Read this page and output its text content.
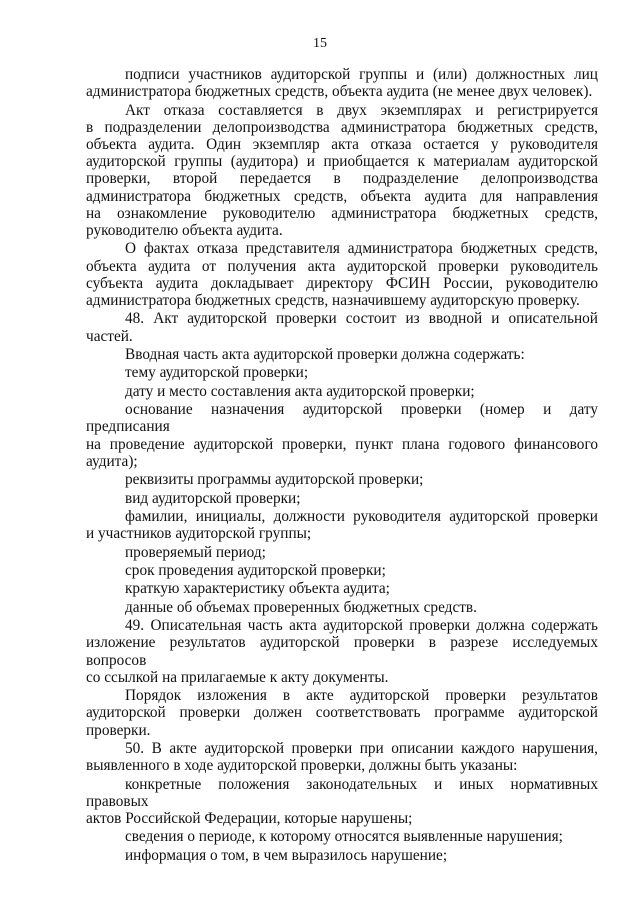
15
подписи участников аудиторской группы и (или) должностных лиц
администратора бюджетных средств, объекта аудита (не менее двух человек).
Акт отказа составляется в двух экземплярах и регистрируется
в подразделении делопроизводства администратора бюджетных средств,
объекта аудита. Один экземпляр акта отказа остается у руководителя
аудиторской группы (аудитора) и приобщается к материалам аудиторской
проверки, второй передается в подразделение делопроизводства
администратора бюджетных средств, объекта аудита для направления
на ознакомление руководителю администратора бюджетных средств,
руководителю объекта аудита.
О фактах отказа представителя администратора бюджетных средств,
объекта аудита от получения акта аудиторской проверки руководитель
субъекта аудита докладывает директору ФСИН России, руководителю
администратора бюджетных средств, назначившему аудиторскую проверку.
48. Акт аудиторской проверки состоит из вводной и описательной
частей.
Вводная часть акта аудиторской проверки должна содержать:
тему аудиторской проверки;
дату и место составления акта аудиторской проверки;
основание назначения аудиторской проверки (номер и дату предписания
на проведение аудиторской проверки, пункт плана годового финансового
аудита);
реквизиты программы аудиторской проверки;
вид аудиторской проверки;
фамилии, инициалы, должности руководителя аудиторской проверки
и участников аудиторской группы;
проверяемый период;
срок проведения аудиторской проверки;
краткую характеристику объекта аудита;
данные об объемах проверенных бюджетных средств.
49. Описательная часть акта аудиторской проверки должна содержать
изложение результатов аудиторской проверки в разрезе исследуемых вопросов
со ссылкой на прилагаемые к акту документы.
Порядок изложения в акте аудиторской проверки результатов
аудиторской проверки должен соответствовать программе аудиторской
проверки.
50. В акте аудиторской проверки при описании каждого нарушения,
выявленного в ходе аудиторской проверки, должны быть указаны:
конкретные положения законодательных и иных нормативных правовых
актов Российской Федерации, которые нарушены;
сведения о периоде, к которому относятся выявленные нарушения;
информация о том, в чем выразилось нарушение;
